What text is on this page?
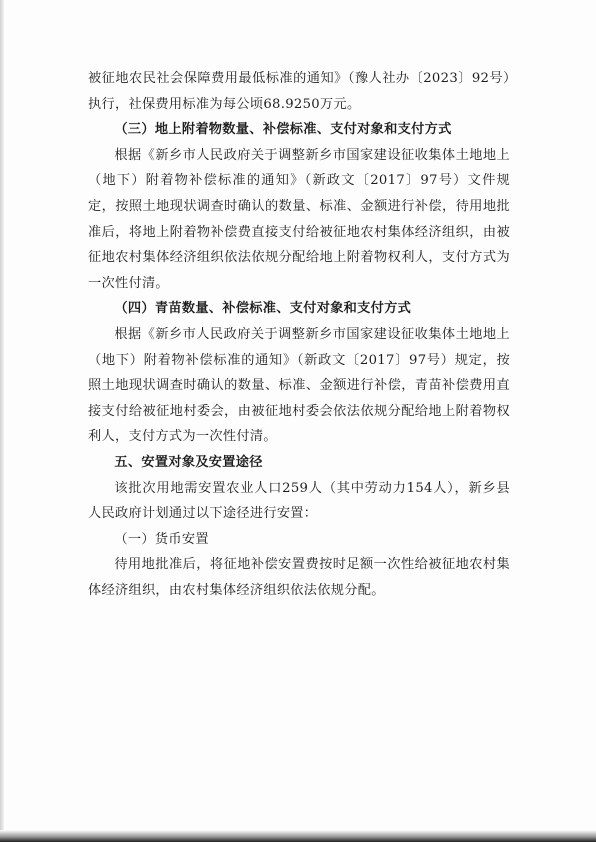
被征地农民社会保障费用最低标准的通知》（豫人社办〔2023〕92号）执行，社保费用标准为每公顷68.9250万元。

（三）地上附着物数量、补偿标准、支付对象和支付方式

根据《新乡市人民政府关于调整新乡市国家建设征收集体土地地上（地下）附着物补偿标准的通知》（新政文〔2017〕97号）文件规定，按照土地现状调查时确认的数量、标准、金额进行补偿，待用地批准后，将地上附着物补偿费直接支付给被征地农村集体经济组织，由被征地农村集体经济组织依法依规分配给地上附着物权利人，支付方式为一次性付清。

（四）青苗数量、补偿标准、支付对象和支付方式

根据《新乡市人民政府关于调整新乡市国家建设征收集体土地地上（地下）附着物补偿标准的通知》（新政文〔2017〕97号）规定，按照土地现状调查时确认的数量、标准、金额进行补偿，青苗补偿费用直接支付给被征地村委会，由被征地村委会依法依规分配给地上附着物权利人，支付方式为一次性付清。

五、安置对象及安置途径

该批次用地需安置农业人口259人（其中劳动力154人），新乡县人民政府计划通过以下途径进行安置：

（一）货币安置

待用地批准后，将征地补偿安置费按时足额一次性给被征地农村集体经济组织，由农村集体经济组织依法依规分配。
